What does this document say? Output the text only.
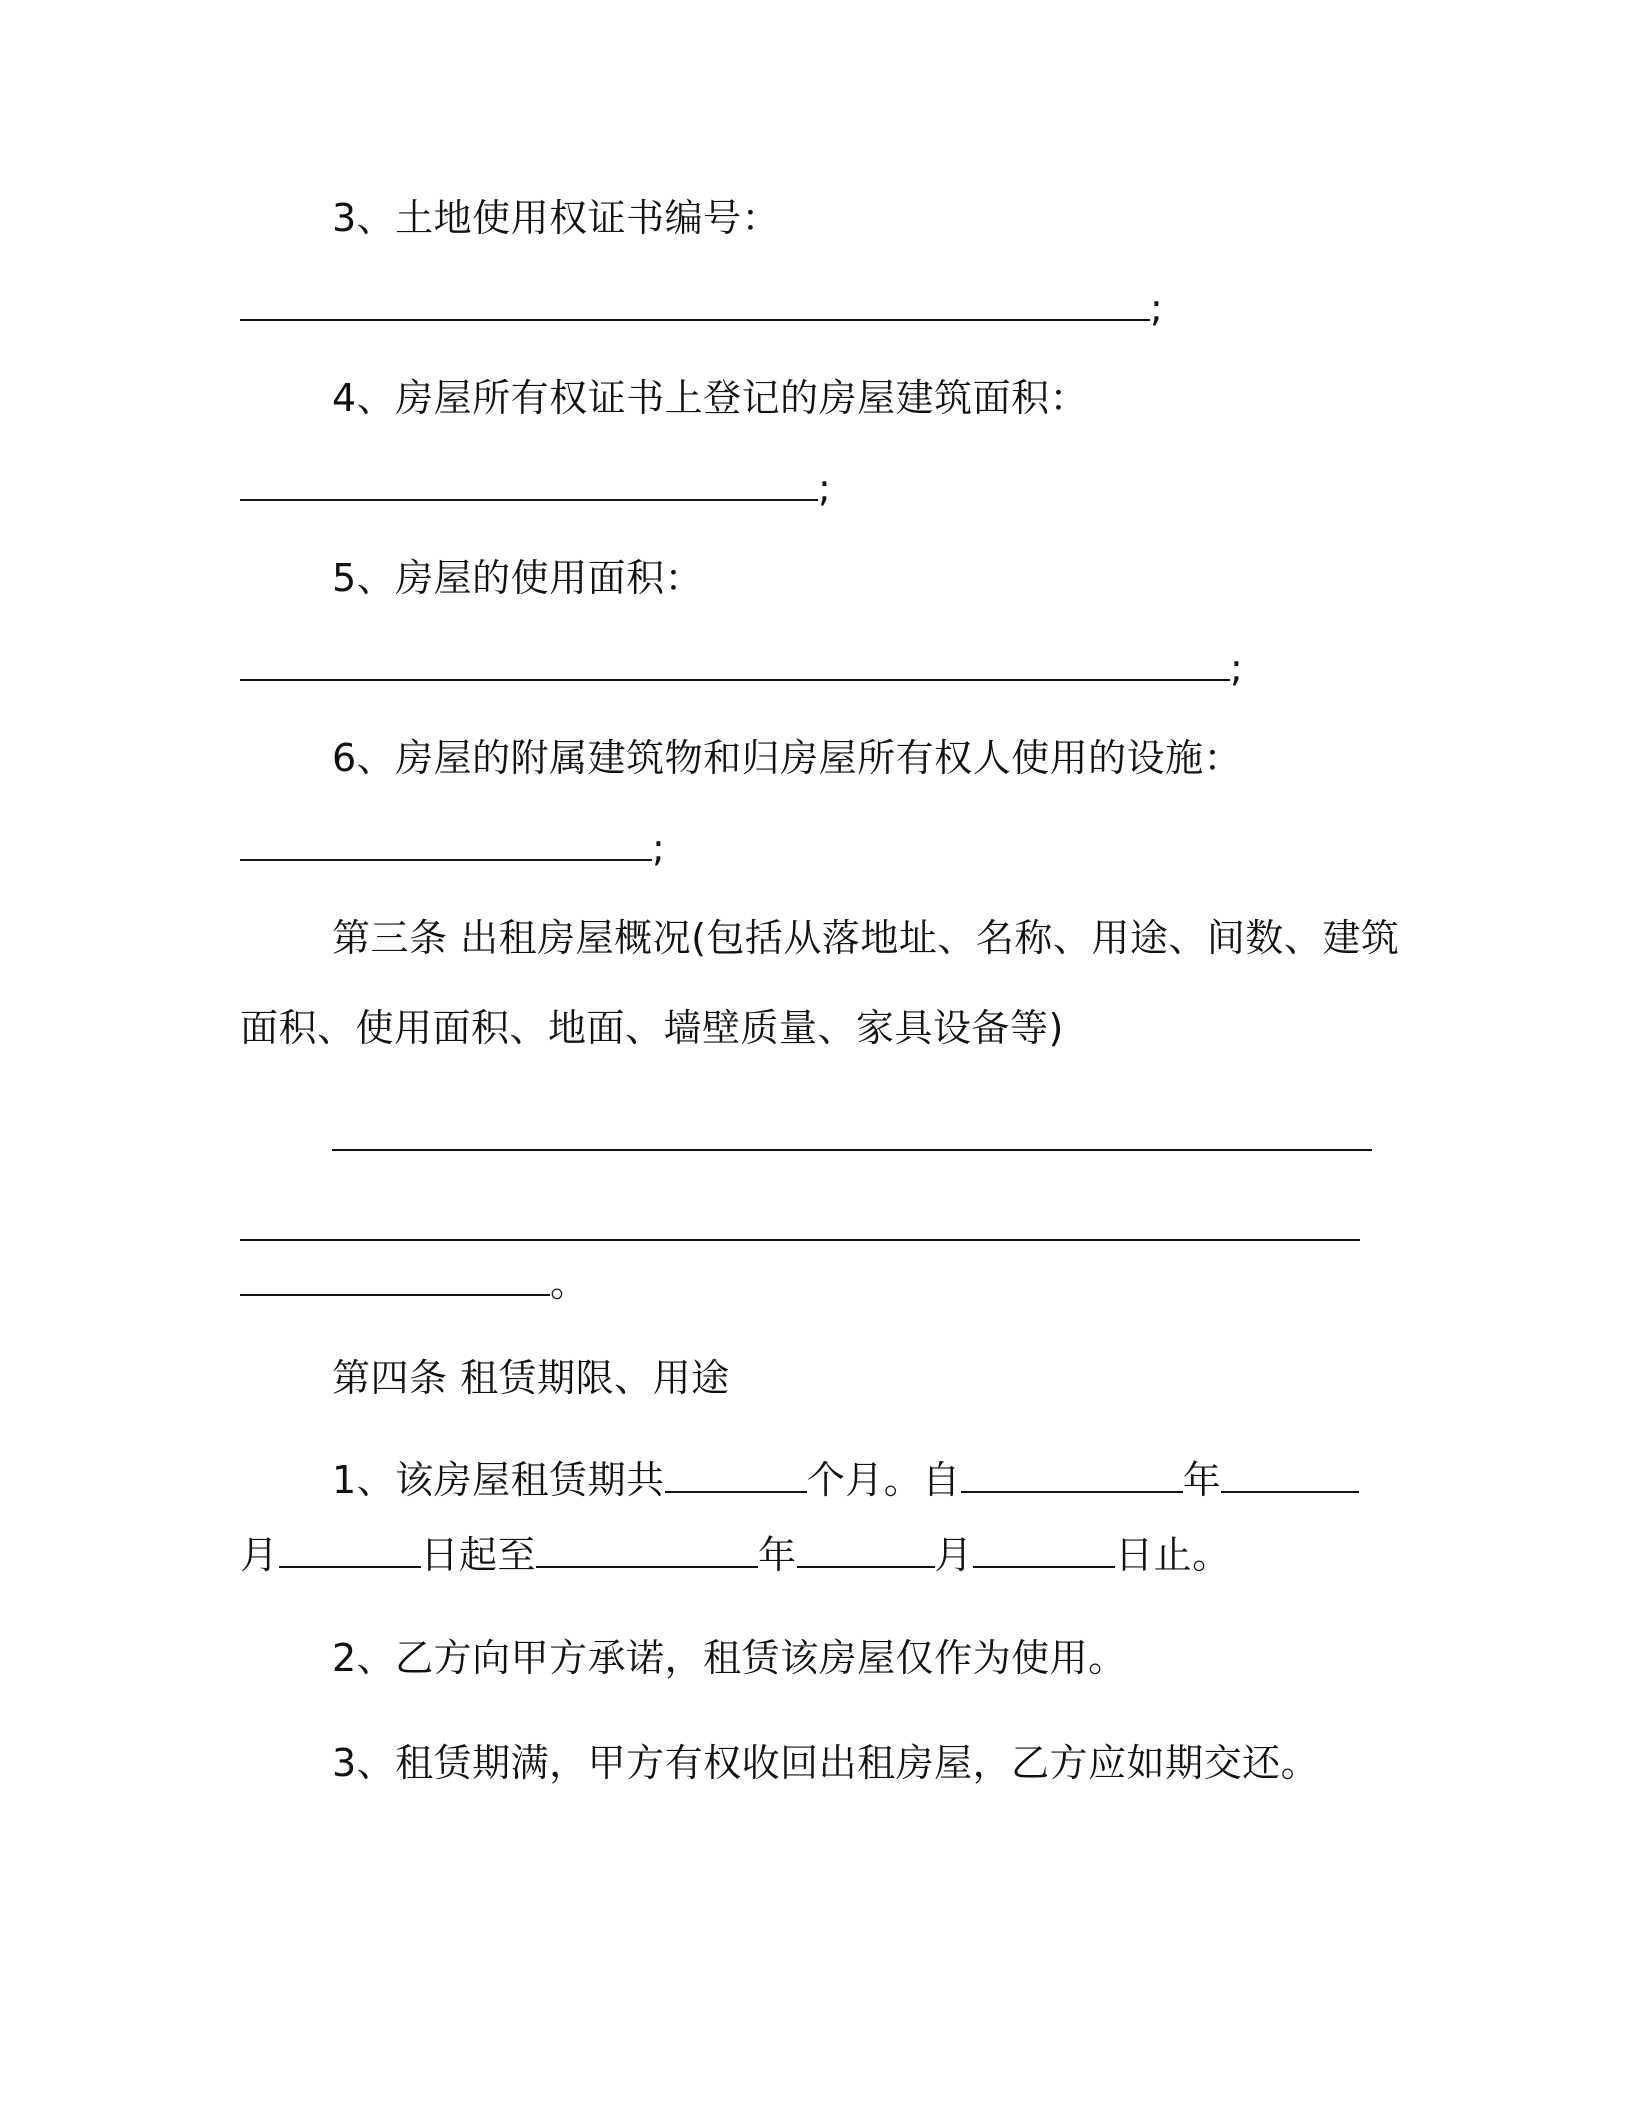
3、土地使用权证书编号：
;
4、房屋所有权证书上登记的房屋建筑面积：
;
5、房屋的使用面积：
;
6、房屋的附属建筑物和归房屋所有权人使用的设施：
;
第三条 出租房屋概况(包括从落地址、名称、用途、间数、建筑
面积、使用面积、地面、墙壁质量、家具设备等)
。
第四条 租赁期限、用途
1、该房屋租赁期共	个月。自	年
月	日起至	年	月	日止。
2、乙方向甲方承诺，租赁该房屋仅作为使用。
3、租赁期满，甲方有权收回出租房屋，乙方应如期交还。
